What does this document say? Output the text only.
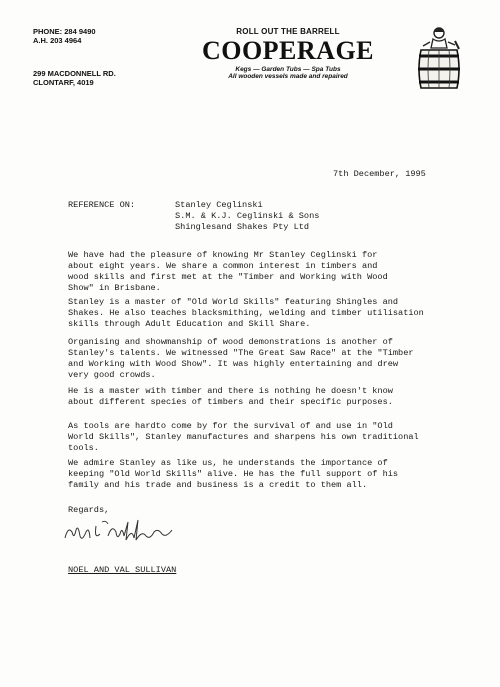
PHONE: 284 9490
A.H. 203 4964
299 MACDONNELL RD.
CLONTARF, 4019
ROLL OUT THE BARRELL
COOPERAGE
Kegs — Garden Tubs — Spa Tubs
All wooden vessels made and repaired
7th December, 1995
REFERENCE ON:	Stanley Ceglinski
S.M. & K.J. Ceglinski & Sons
Shinglesand Shakes Pty Ltd
We have had the pleasure of knowing Mr Stanley Ceglinski for
about eight years. We share a common interest in timbers and
wood skills and first met at the "Timber and Working with Wood
Show" in Brisbane.
Stanley is a master of "Old World Skills" featuring Shingles and
Shakes. He also teaches blacksmithing, welding and timber utilisation
skills through Adult Education and Skill Share.
Organising and showmanship of wood demonstrations is another of
Stanley's talents. We witnessed "The Great Saw Race" at the "Timber
and Working with Wood Show". It was highly entertaining and drew
very good crowds.
He is a master with timber and there is nothing he doesn't know
about different species of timbers and their specific purposes.
As tools are hardto come by for the survival of and use in "Old
World Skills", Stanley manufactures and sharpens his own traditional
tools.
We admire Stanley as like us, he understands the importance of
keeping "Old World Skills" alive. He has the full support of his
family and his trade and business is a credit to them all.
Regards,
NOEL AND VAL SULLIVAN
